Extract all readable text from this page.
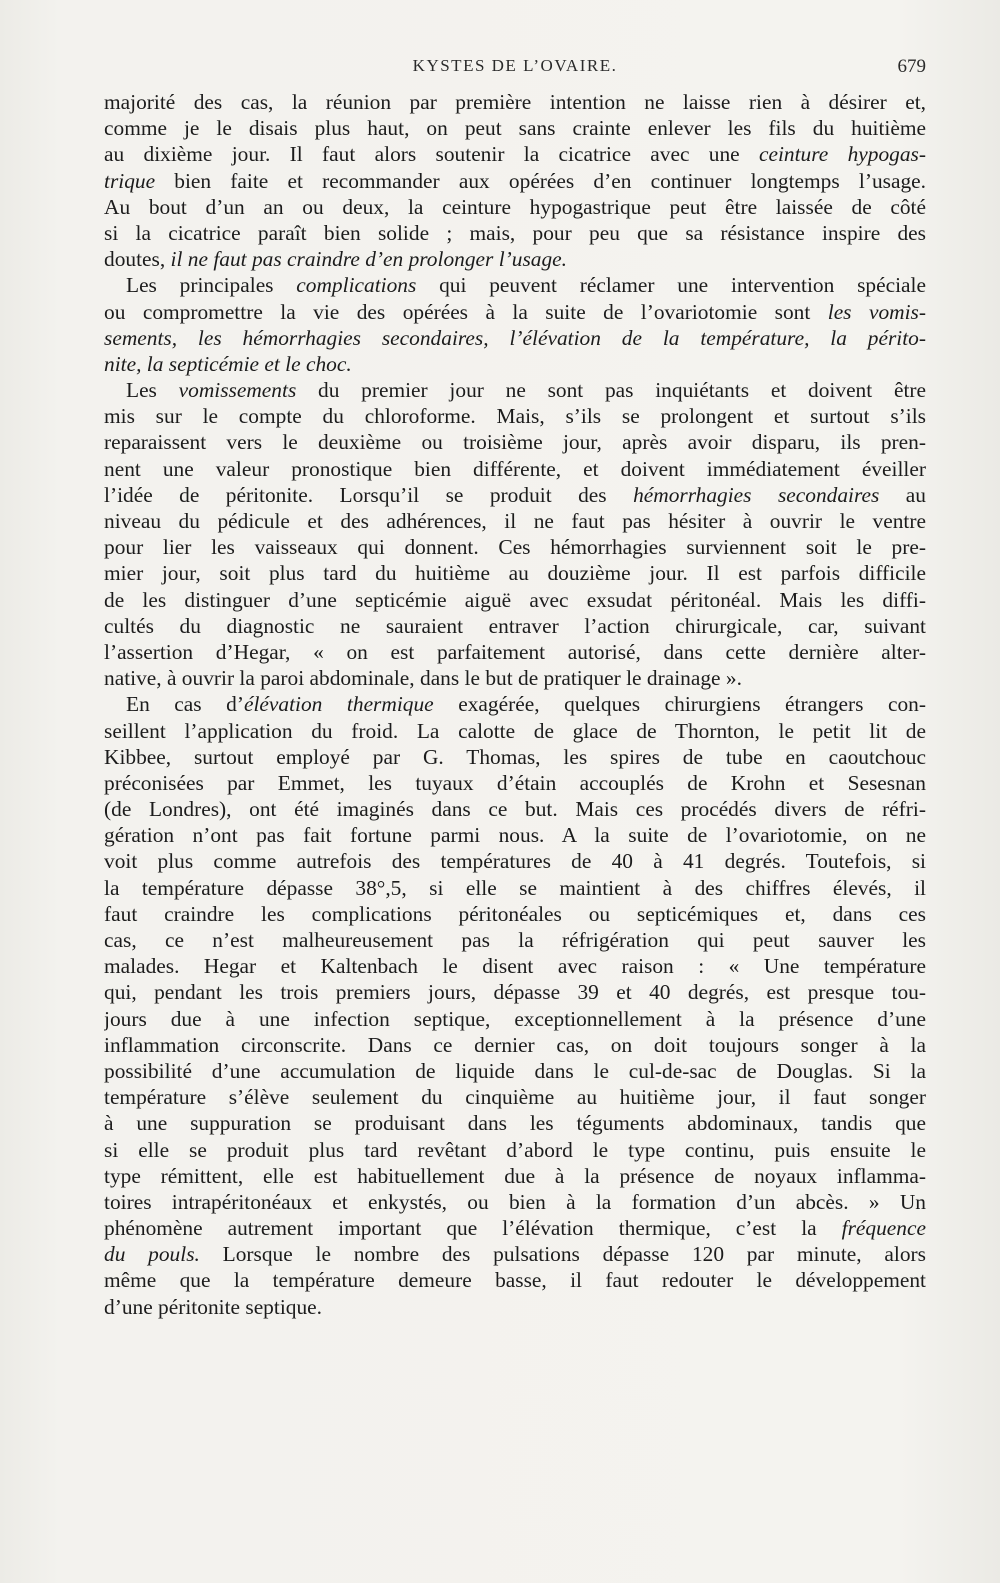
KYSTES DE L’OVAIRE.	679
majorité des cas, la réunion par première intention ne laisse rien à désirer et,
comme je le disais plus haut, on peut sans crainte enlever les fils du huitième
au dixième jour. Il faut alors soutenir la cicatrice avec une ceinture hypogas-
trique bien faite et recommander aux opérées d’en continuer longtemps l’usage.
Au bout d’un an ou deux, la ceinture hypogastrique peut être laissée de côté
si la cicatrice paraît bien solide ; mais, pour peu que sa résistance inspire des
doutes, il ne faut pas craindre d’en prolonger l’usage.
Les principales complications qui peuvent réclamer une intervention spéciale
ou compromettre la vie des opérées à la suite de l’ovariotomie sont les vomis-
sements, les hémorrhagies secondaires, l’élévation de la température, la périto-
nite, la septicémie et le choc.
Les vomissements du premier jour ne sont pas inquiétants et doivent être
mis sur le compte du chloroforme. Mais, s’ils se prolongent et surtout s’ils
reparaissent vers le deuxième ou troisième jour, après avoir disparu, ils pren-
nent une valeur pronostique bien différente, et doivent immédiatement éveiller
l’idée de péritonite. Lorsqu’il se produit des hémorrhagies secondaires au
niveau du pédicule et des adhérences, il ne faut pas hésiter à ouvrir le ventre
pour lier les vaisseaux qui donnent. Ces hémorrhagies surviennent soit le pre-
mier jour, soit plus tard du huitième au douzième jour. Il est parfois difficile
de les distinguer d’une septicémie aiguë avec exsudat péritonéal. Mais les diffi-
cultés du diagnostic ne sauraient entraver l’action chirurgicale, car, suivant
l’assertion d’Hegar, « on est parfaitement autorisé, dans cette dernière alter-
native, à ouvrir la paroi abdominale, dans le but de pratiquer le drainage ».
En cas d’élévation thermique exagérée, quelques chirurgiens étrangers con-
seillent l’application du froid. La calotte de glace de Thornton, le petit lit de
Kibbee, surtout employé par G. Thomas, les spires de tube en caoutchouc
préconisées par Emmet, les tuyaux d’étain accouplés de Krohn et Sesesnan
(de Londres), ont été imaginés dans ce but. Mais ces procédés divers de réfri-
gération n’ont pas fait fortune parmi nous. A la suite de l’ovariotomie, on ne
voit plus comme autrefois des températures de 40 à 41 degrés. Toutefois, si
la température dépasse 38°,5, si elle se maintient à des chiffres élevés, il
faut craindre les complications péritonéales ou septicémiques et, dans ces
cas, ce n’est malheureusement pas la réfrigération qui peut sauver les
malades. Hegar et Kaltenbach le disent avec raison : « Une température
qui, pendant les trois premiers jours, dépasse 39 et 40 degrés, est presque tou-
jours due à une infection septique, exceptionnellement à la présence d’une
inflammation circonscrite. Dans ce dernier cas, on doit toujours songer à la
possibilité d’une accumulation de liquide dans le cul-de-sac de Douglas. Si la
température s’élève seulement du cinquième au huitième jour, il faut songer
à une suppuration se produisant dans les téguments abdominaux, tandis que
si elle se produit plus tard revêtant d’abord le type continu, puis ensuite le
type rémittent, elle est habituellement due à la présence de noyaux inflamma-
toires intrapéritonéaux et enkystés, ou bien à la formation d’un abcès. » Un
phénomène autrement important que l’élévation thermique, c’est la fréquence
du pouls. Lorsque le nombre des pulsations dépasse 120 par minute, alors
même que la température demeure basse, il faut redouter le développement
d’une péritonite septique.
